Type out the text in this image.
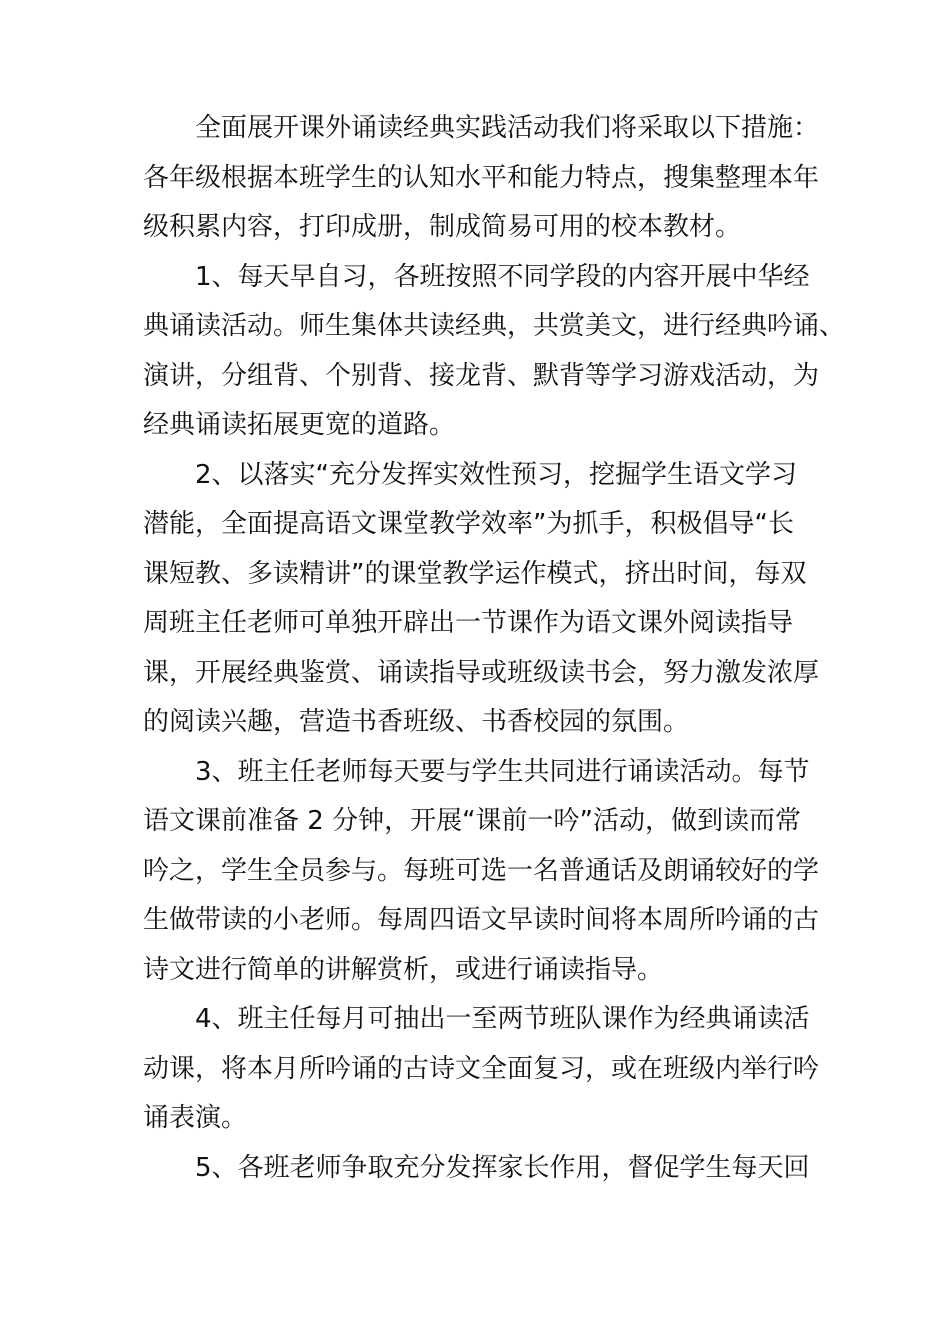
全面展开课外诵读经典实践活动我们将采取以下措施：
各年级根据本班学生的认知水平和能力特点，搜集整理本年
级积累内容，打印成册，制成简易可用的校本教材。
1、每天早自习，各班按照不同学段的内容开展中华经
典诵读活动。师生集体共读经典，共赏美文，进行经典吟诵、
演讲，分组背、个别背、接龙背、默背等学习游戏活动，为
经典诵读拓展更宽的道路。
2、以落实“充分发挥实效性预习，挖掘学生语文学习
潜能，全面提高语文课堂教学效率”为抓手，积极倡导“长
课短教、多读精讲”的课堂教学运作模式，挤出时间，每双
周班主任老师可单独开辟出一节课作为语文课外阅读指导
课，开展经典鉴赏、诵读指导或班级读书会，努力激发浓厚
的阅读兴趣，营造书香班级、书香校园的氛围。
3、班主任老师每天要与学生共同进行诵读活动。每节
语文课前准备 2 分钟，开展“课前一吟”活动，做到读而常
吟之，学生全员参与。每班可选一名普通话及朗诵较好的学
生做带读的小老师。每周四语文早读时间将本周所吟诵的古
诗文进行简单的讲解赏析，或进行诵读指导。
4、班主任每月可抽出一至两节班队课作为经典诵读活
动课，将本月所吟诵的古诗文全面复习，或在班级内举行吟
诵表演。
5、各班老师争取充分发挥家长作用，督促学生每天回
